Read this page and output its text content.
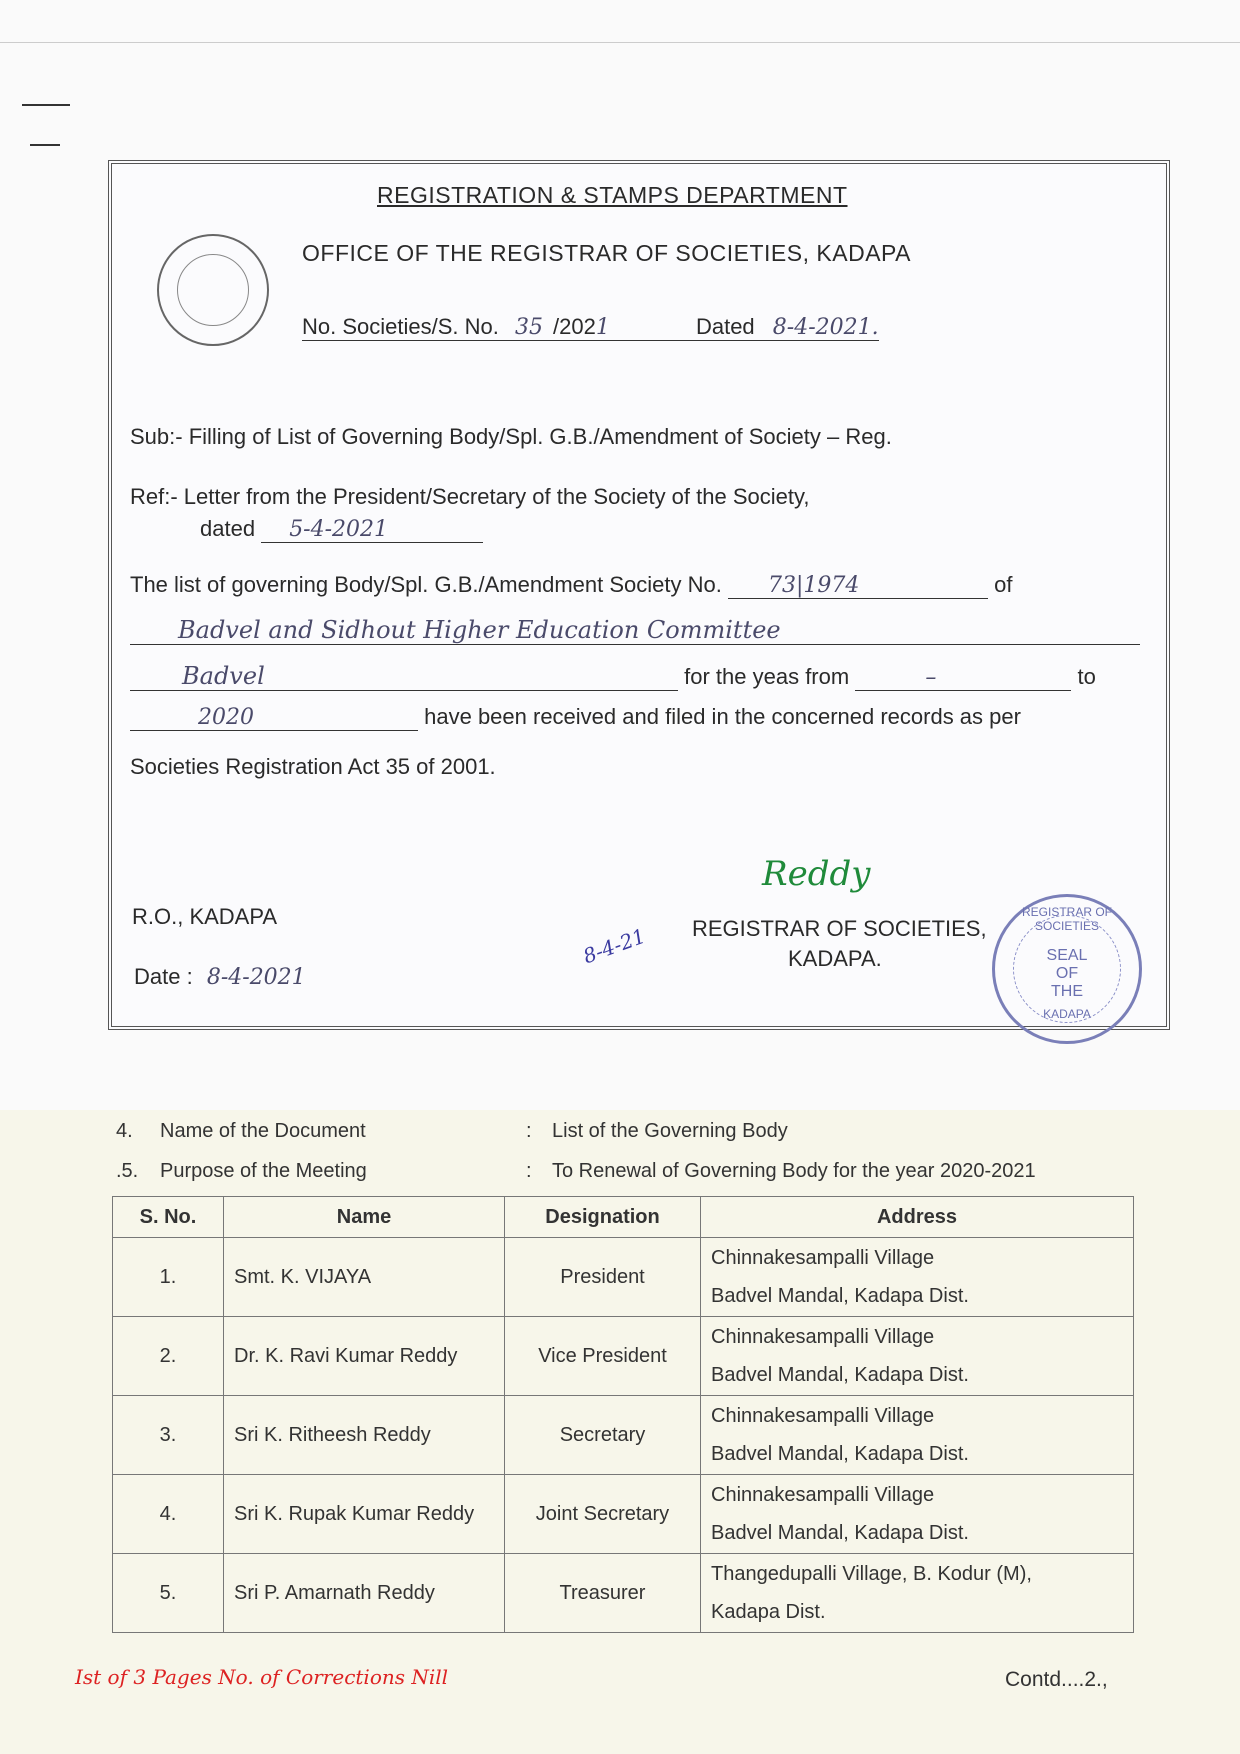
REGISTRATION & STAMPS DEPARTMENT
OFFICE OF THE REGISTRAR OF SOCIETIES, KADAPA
No. Societies/S. No. 35 /2021	Dated 8-4-2021.
Sub:- Filling of List of Governing Body/Spl. G.B./Amendment of Society – Reg.
Ref:- Letter from the President/Secretary of the Society of the Society,
dated 5-4-2021
The list of governing Body/Spl. G.B./Amendment Society No. 73|1974	of
Badvel and Sidhout Higher Education Committee
Badvel	for the yeas from	–	to
2020	have been received and filed in the concerned records as per
Societies Registration Act 35 of 2001.
R.O., KADAPA
Date : 8-4-2021
8-4-21
Reddy
REGISTRAR OF SOCIETIES,
KADAPA.
REGISTRAR OF SOCIETIES
SEAL
OF
THE
KADAPA
4. Name of the Document	: List of the Governing Body
.5. Purpose of the Meeting	: To Renewal of Governing Body for the year 2020-2021
S. No.	Name	Designation	Address
1.	Smt. K. VIJAYA	President	Chinnakesampalli Village
Badvel Mandal, Kadapa Dist.

2.	Dr. K. Ravi Kumar Reddy	Vice President	Chinnakesampalli Village
Badvel Mandal, Kadapa Dist.

3.	Sri K. Ritheesh Reddy	Secretary	Chinnakesampalli Village
Badvel Mandal, Kadapa Dist.

4.	Sri K. Rupak Kumar Reddy	Joint Secretary	Chinnakesampalli Village
Badvel Mandal, Kadapa Dist.

5.	Sri P. Amarnath Reddy	Treasurer	Thangedupalli Village, B. Kodur (M),
Kadapa Dist.
Ist of 3 Pages No. of Corrections Nill	Contd....2.,
